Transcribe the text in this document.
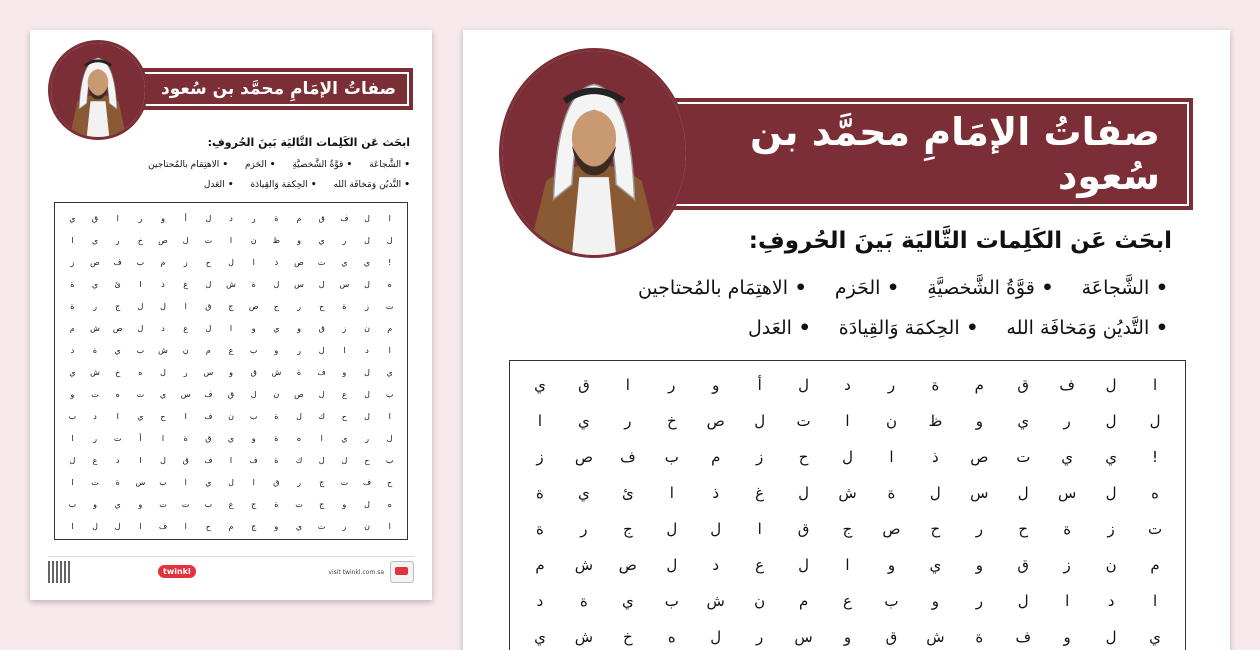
صفاتُ الإمَامِ محمَّد بن سُعود
ابحَث عَن الكَلِمات التَّاليَة بَينَ الحُروفِ:
• الشَّجاعَة • قوَّةُ الشَّخصيَّةِ • الحَزم • الاهتِمَام بالمُحتاجين
• التَّديُن وَمَخافَة الله • الحِكمَة وَالقِيادَة • العَدل
ا
ل
ف
ق
م
ة
ر
د
ل
أ
و
ر
ا
ق
ي
ل
ل
ر
ي
و
ظ
ن
ا
ت
ل
ص
خ
ر
ي
ا
!
ي
ي
ت
ص
ذ
ا
ل
ح
ز
م
ب
ف
ص
ز
ه
ل
س
ل
س
ل
ة
ش
ل
غ
ذ
ا
ئ
ي
ة
ت
ز
ة
ح
ر
ح
ص
ج
ق
ا
ل
ل
ج
ر
ة
م
ن
ز
ق
و
ي
و
ا
ل
ع
د
ل
ص
ش
م
ا
د
ا
ل
ر
و
ب
ع
م
ن
ش
ب
ي
ة
د
ي
ل
و
ف
ة
ش
ق
و
س
ر
ل
ه
خ
ش
ي
ب
ل
ع
ل
ص
ن
ل
ق
ف
س
ي
ت
ه
ت
و
ا
ل
ح
ك
ل
ة
ب
ن
ف
ا
ح
ي
ا
د
ب
ل
ر
ي
ا
ه
ة
و
ي
ق
ة
ا
أ
ت
ر
ا
ب
ح
ل
ل
ك
ة
ف
ا
ف
ق
ل
ا
د
ع
ل
ح
ف
ت
ج
ر
ق
ا
ل
ي
ا
ب
س
ة
ت
ا
ه
ل
و
ج
ت
ة
ج
ع
ب
ت
ت
و
ي
و
ب
ا
ن
ر
ت
ي
و
ج
م
ح
ا
ف
ا
ل
ل
ا
twinkl	visit twinkl.com.sa
صفاتُ الإمَامِ محمَّد بن سُعود
ابحَث عَن الكَلِمات التَّاليَة بَينَ الحُروفِ:
• الشَّجاعَة • قوَّةُ الشَّخصيَّةِ • الحَزم • الاهتِمَام بالمُحتاجين
• التَّديُن وَمَخافَة الله • الحِكمَة وَالقِيادَة • العَدل
ا
ل
ف
ق
م
ة
ر
د
ل
أ
و
ر
ا
ق
ي
ل
ل
ر
ي
و
ظ
ن
ا
ت
ل
ص
خ
ر
ي
ا
!
ي
ي
ت
ص
ذ
ا
ل
ح
ز
م
ب
ف
ص
ز
ه
ل
س
ل
س
ل
ة
ش
ل
غ
ذ
ا
ئ
ي
ة
ت
ز
ة
ح
ر
ح
ص
ج
ق
ا
ل
ل
ج
ر
ة
م
ن
ز
ق
و
ي
و
ا
ل
ع
د
ل
ص
ش
م
ا
د
ا
ل
ر
و
ب
ع
م
ن
ش
ب
ي
ة
د
ي
ل
و
ف
ة
ش
ق
و
س
ر
ل
ه
خ
ش
ي
